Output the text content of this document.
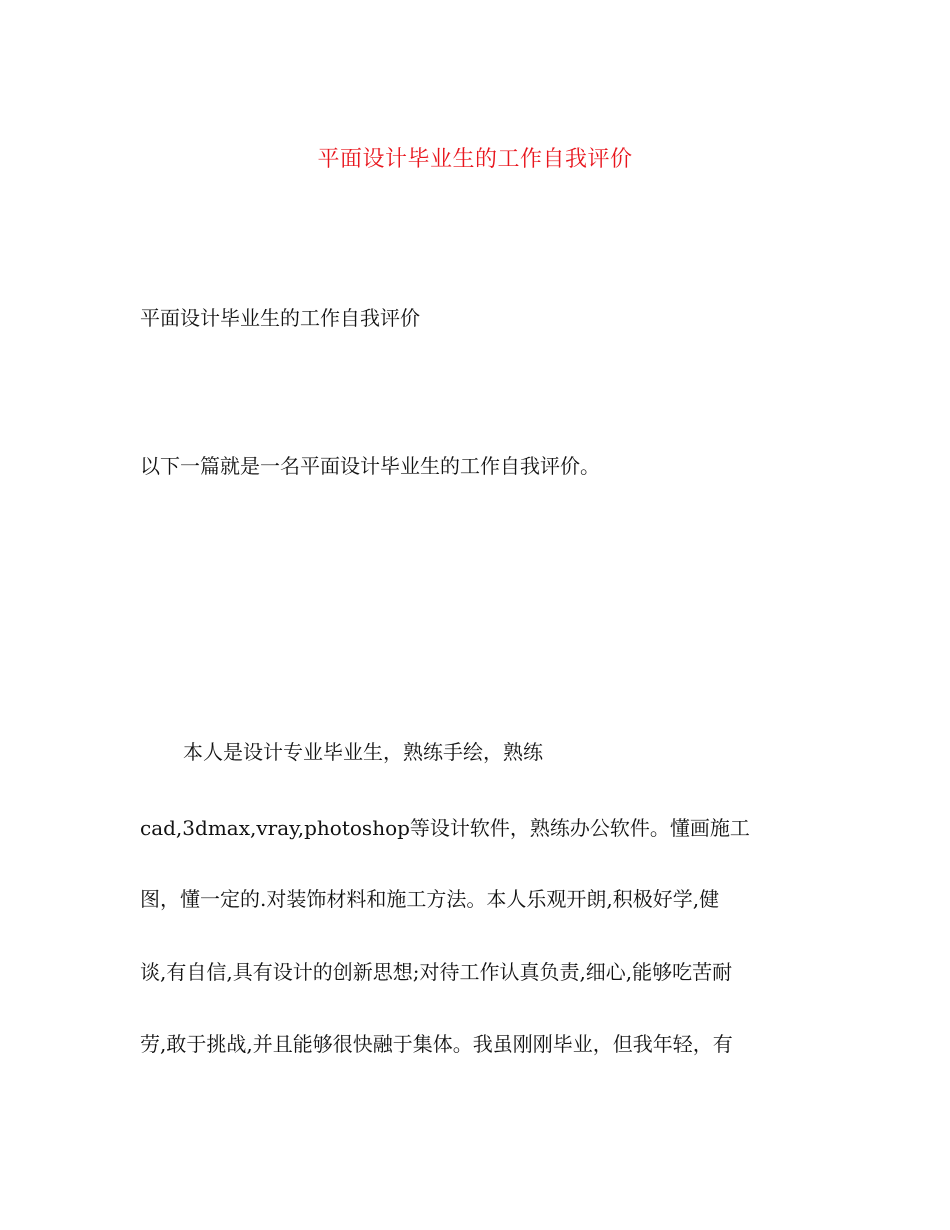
平面设计毕业生的工作自我评价
平面设计毕业生的工作自我评价
以下一篇就是一名平面设计毕业生的工作自我评价。
本人是设计专业毕业生，熟练手绘，熟练
cad,3dmax,vray,photoshop等设计软件，熟练办公软件。懂画施工
图，懂一定的.对装饰材料和施工方法。本人乐观开朗,积极好学,健
谈,有自信,具有设计的创新思想;对待工作认真负责,细心,能够吃苦耐
劳,敢于挑战,并且能够很快融于集体。我虽刚刚毕业，但我年轻，有
